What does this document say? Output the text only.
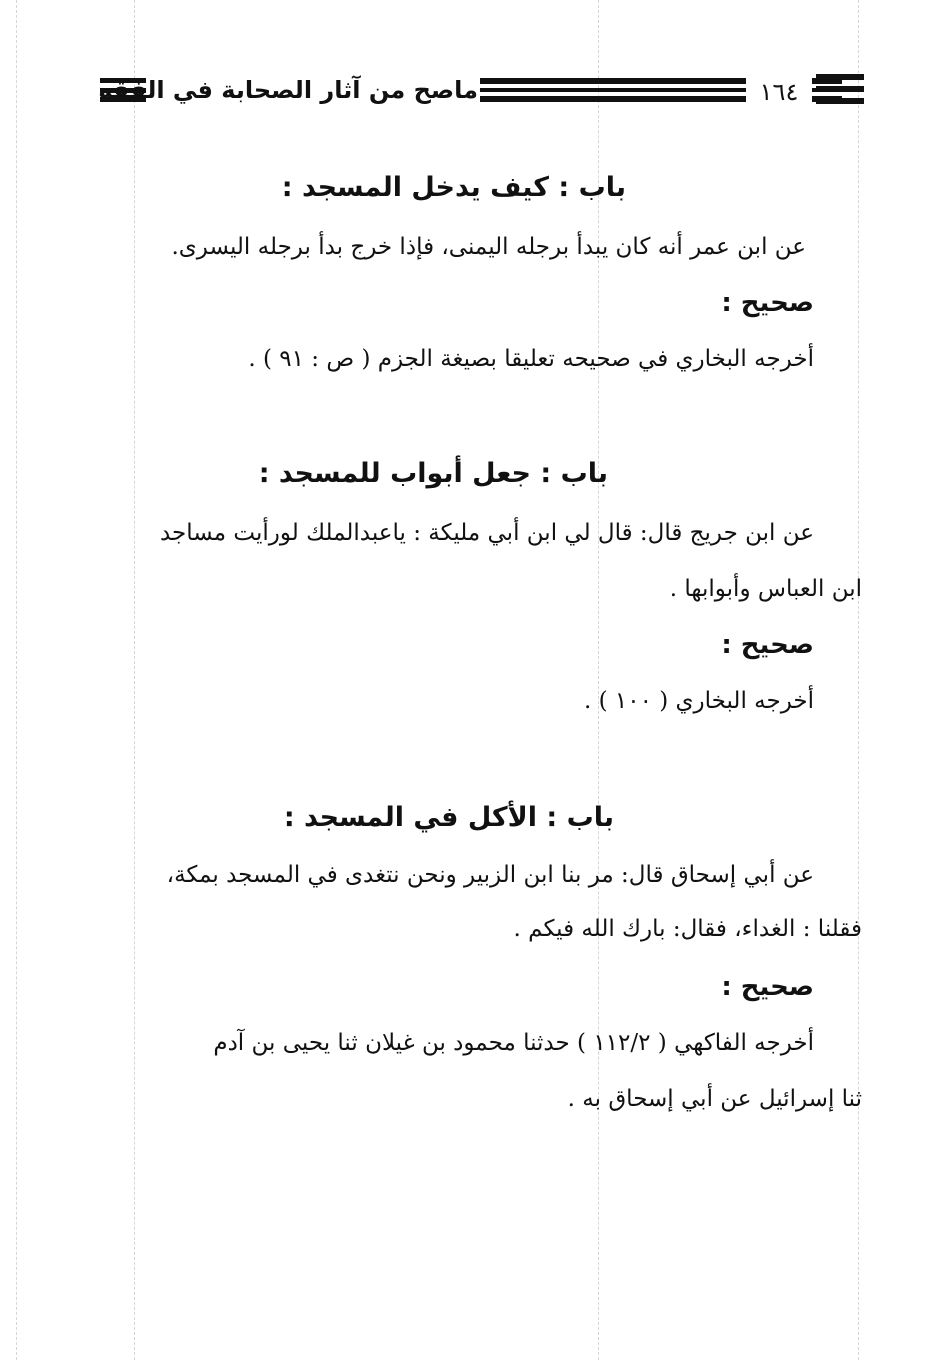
ماصح من آثار الصحابة في الفقه	١٦٤
باب : كيف يدخل المسجد :
عن ابن عمر أنه كان يبدأ برجله اليمنى، فإذا خرج بدأ برجله اليسرى.
صحيح :
أخرجه البخاري في صحيحه تعليقا بصيغة الجزم ( ص : ٩١ ) .
باب : جعل أبواب للمسجد :
عن ابن جريج قال: قال لي ابن أبي مليكة : ياعبدالملك لورأيت مساجد
ابن العباس وأبوابها .
صحيح :
أخرجه البخاري ( ١٠٠ ) .
باب : الأكل في المسجد :
عن أبي إسحاق قال: مر بنا ابن الزبير ونحن نتغدى في المسجد بمكة،
فقلنا : الغداء، فقال: بارك الله فيكم .
صحيح :
أخرجه الفاكهي ( ١١٢/٢ ) حدثنا محمود بن غيلان ثنا يحيى بن آدم
ثنا إسرائيل عن أبي إسحاق به .
